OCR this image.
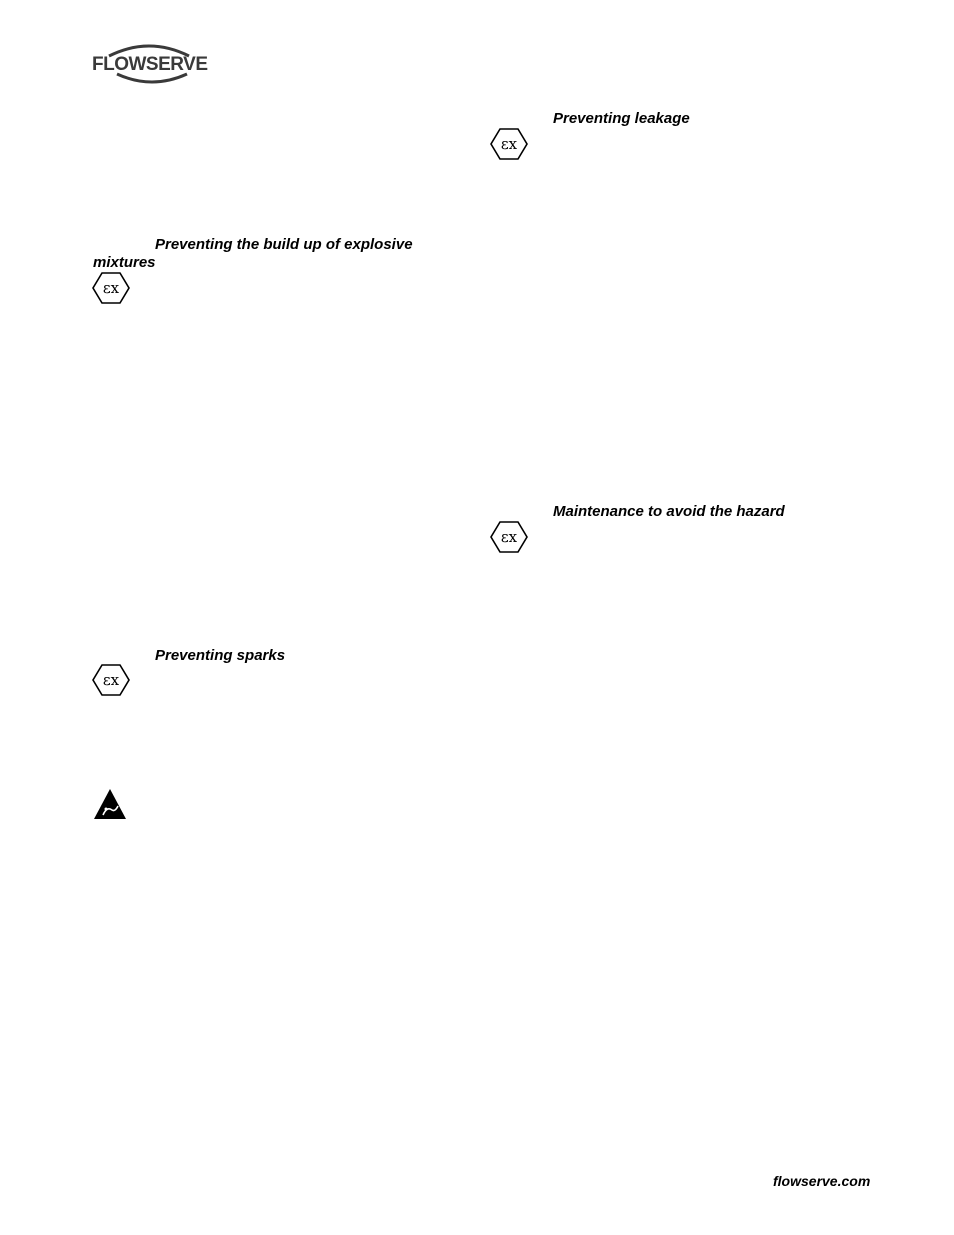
FLOWSERVE
Preventing the build up of explosive
mixtures
εx
Preventing sparks
εx
Preventing leakage
εx
Maintenance to avoid the hazard
εx
flowserve.com
